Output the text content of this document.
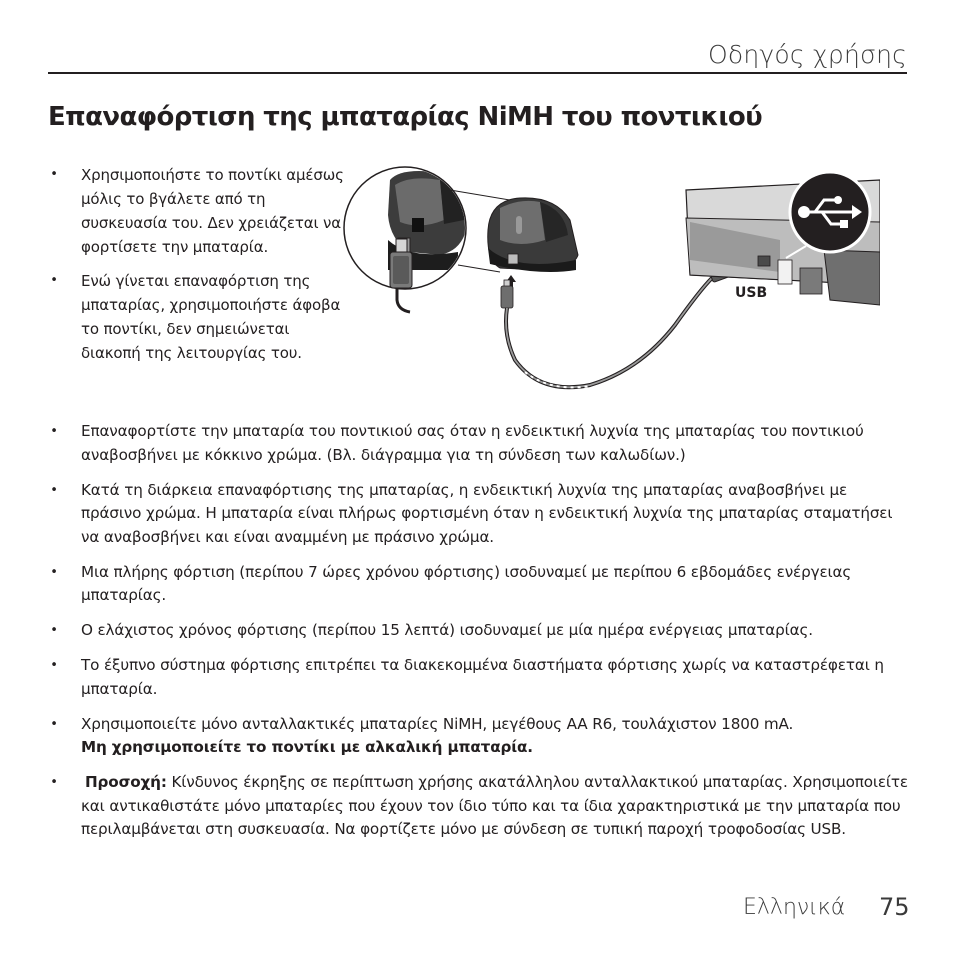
Οδηγός χρήσης
Επαναφόρτιση της μπαταρίας NiMH του ποντικιού
• Χρησιμοποιήστε το ποντίκι αμέσως μόλις το βγάλετε από τη συσκευασία του. Δεν χρειάζεται να φορτίσετε την μπαταρία.
• Ενώ γίνεται επαναφόρτιση της μπαταρίας, χρησιμοποιήστε άφοβα το ποντίκι, δεν σημειώνεται διακοπή της λειτουργίας του.
USB
• Επαναφορτίστε την μπαταρία του ποντικιού σας όταν η ενδεικτική λυχνία της μπαταρίας του ποντικιού αναβοσβήνει με κόκκινο χρώμα. (Βλ. διάγραμμα για τη σύνδεση των καλωδίων.)
• Κατά τη διάρκεια επαναφόρτισης της μπαταρίας, η ενδεικτική λυχνία της μπαταρίας αναβοσβήνει με πράσινο χρώμα. Η μπαταρία είναι πλήρως φορτισμένη όταν η ενδεικτική λυχνία της μπαταρίας σταματήσει να αναβοσβήνει και είναι αναμμένη με πράσινο χρώμα.
• Μια πλήρης φόρτιση (περίπου 7 ώρες χρόνου φόρτισης) ισοδυναμεί με περίπου 6 εβδομάδες ενέργειας μπαταρίας.
• Ο ελάχιστος χρόνος φόρτισης (περίπου 15 λεπτά) ισοδυναμεί με μία ημέρα ενέργειας μπαταρίας.
• Το έξυπνο σύστημα φόρτισης επιτρέπει τα διακεκομμένα διαστήματα φόρτισης χωρίς να καταστρέφεται η μπαταρία.
• Χρησιμοποιείτε μόνο ανταλλακτικές μπαταρίες NiMH, μεγέθους AA R6, τουλάχιστον 1800 mA.
Μη χρησιμοποιείτε το ποντίκι με αλκαλική μπαταρία.
• Προσοχή: Κίνδυνος έκρηξης σε περίπτωση χρήσης ακατάλληλου ανταλλακτικού μπαταρίας. Χρησιμοποιείτε και αντικαθιστάτε μόνο μπαταρίες που έχουν τον ίδιο τύπο και τα ίδια χαρακτηριστικά με την μπαταρία που περιλαμβάνεται στη συσκευασία. Να φορτίζετε μόνο με σύνδεση σε τυπική παροχή τροφοδοσίας USB.
Ελληνικά 75
